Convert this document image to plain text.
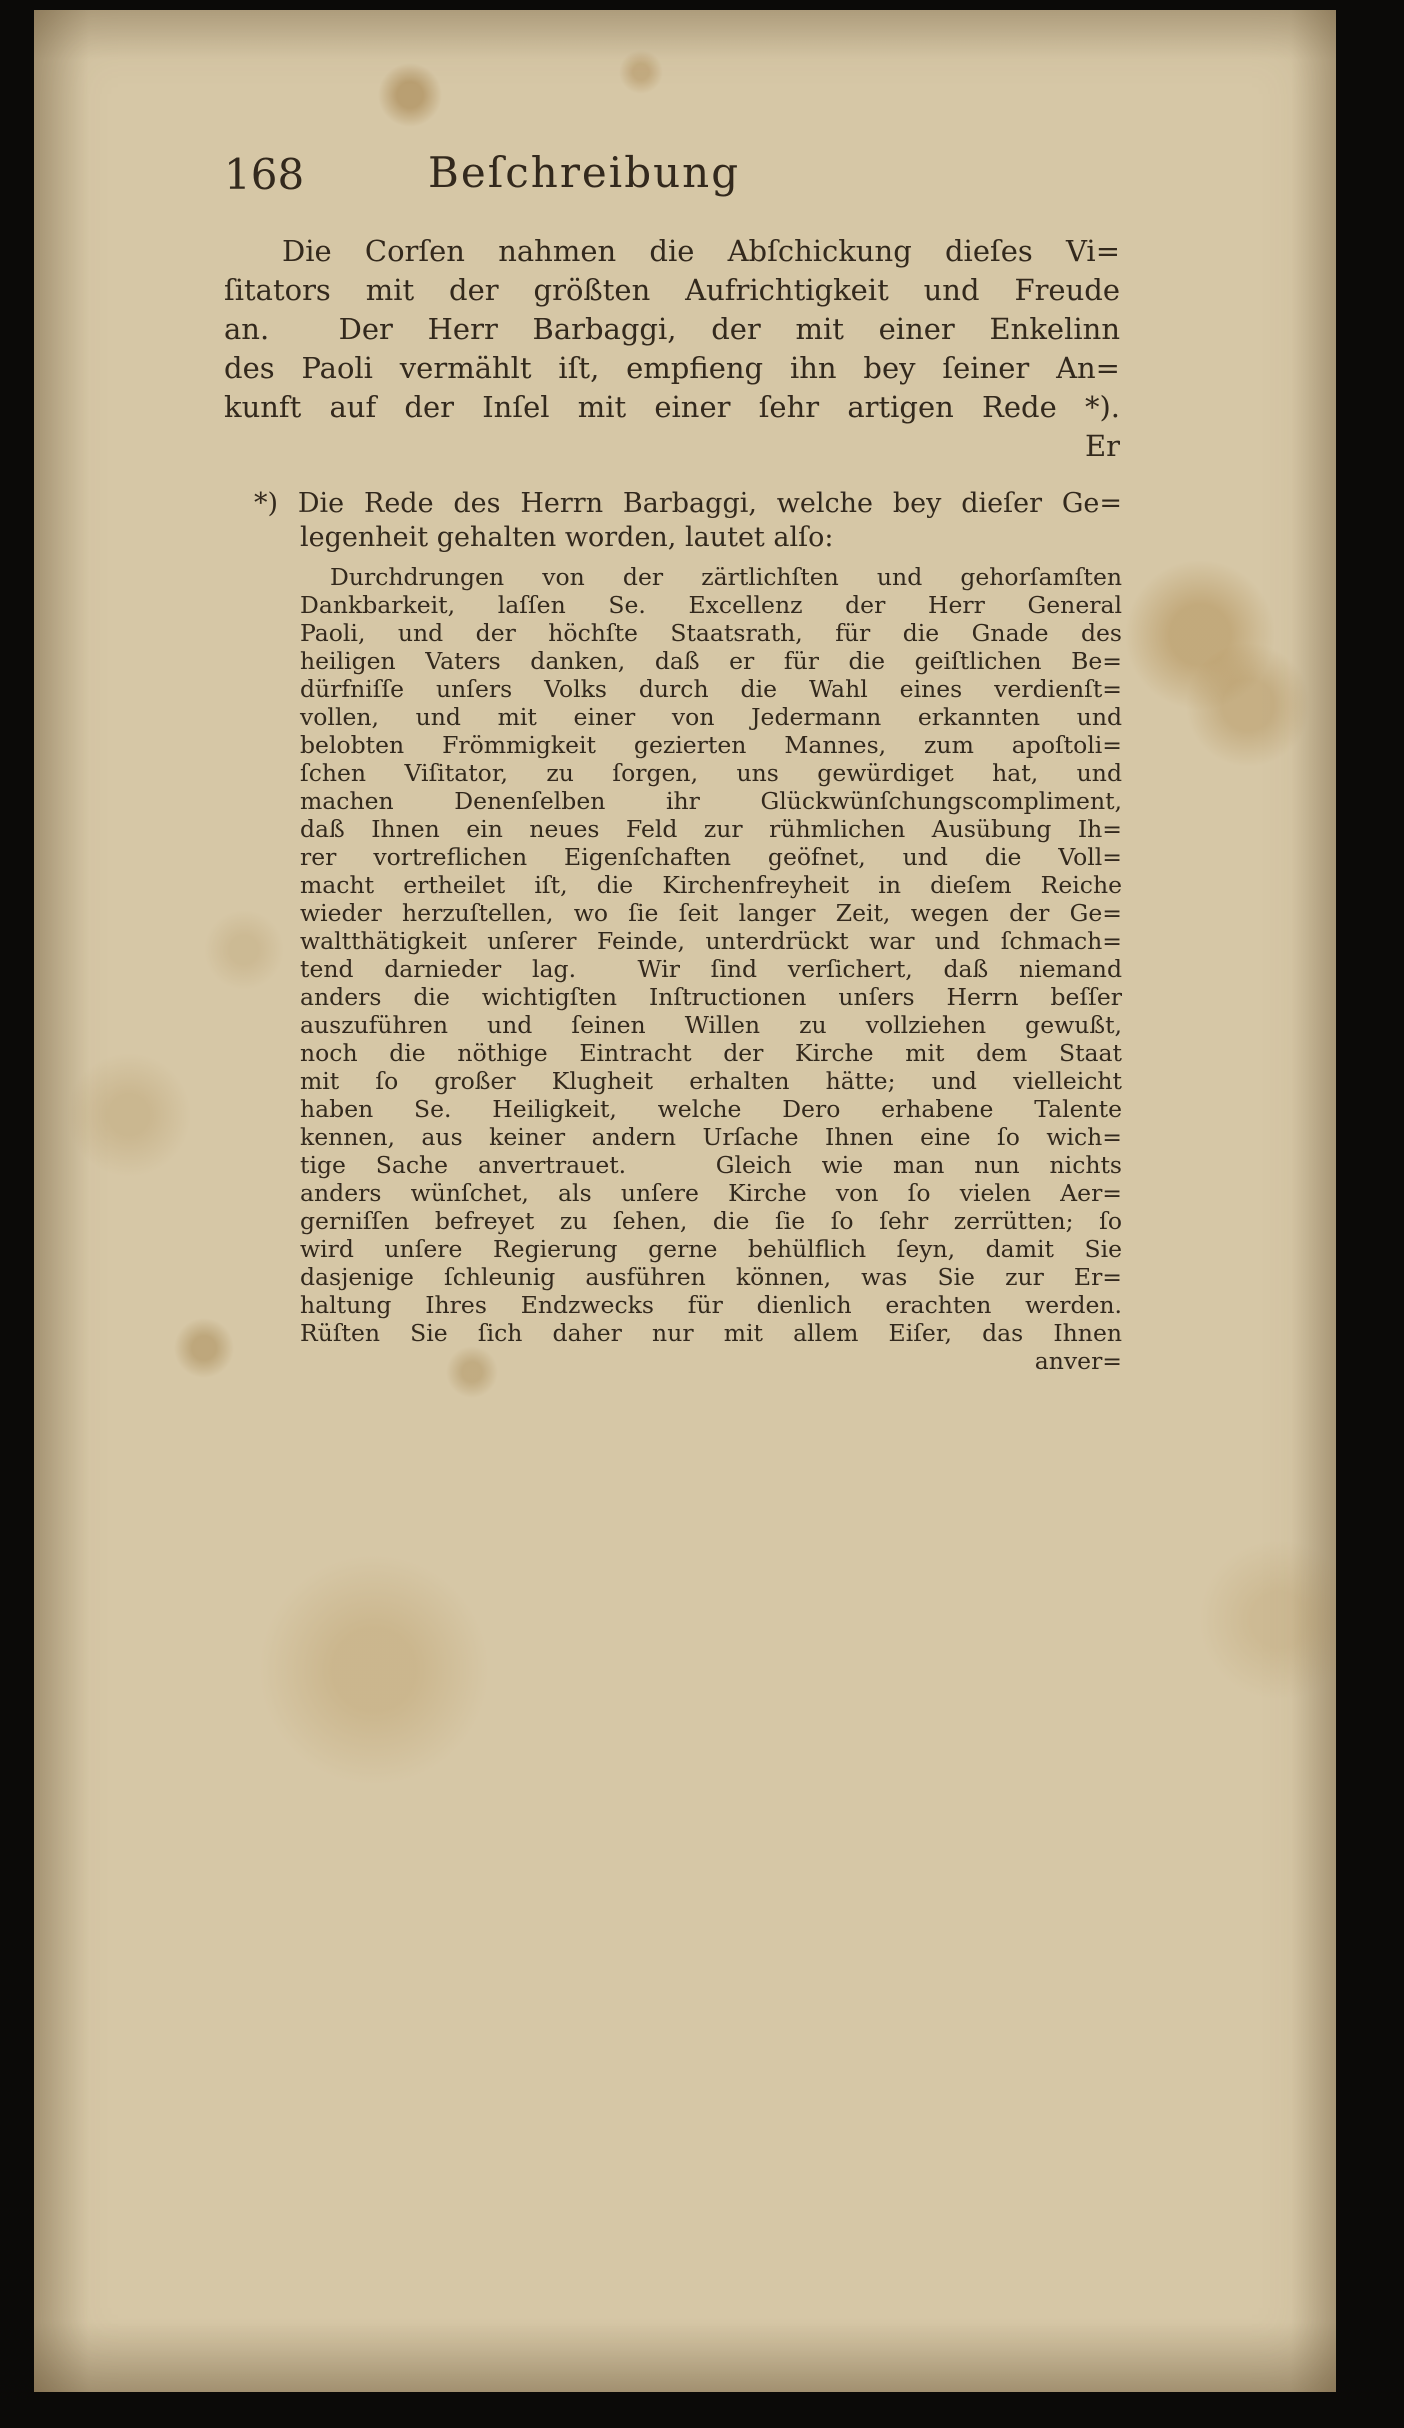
168	Beſchreibung
Die Corſen nahmen die Abſchickung dieſes Vi=
ſitators mit der größten Aufrichtigkeit und Freude
an.  Der Herr Barbaggi, der mit einer Enkelinn
des Paoli vermählt iſt, empfieng ihn bey ſeiner An=
kunft auf der Inſel mit einer ſehr artigen Rede *).
Er
*) Die Rede des Herrn Barbaggi, welche bey dieſer Ge=
legenheit gehalten worden, lautet alſo:
Durchdrungen von der zärtlichſten und gehorſamſten
Dankbarkeit, laſſen Se. Excellenz der Herr General
Paoli, und der höchſte Staatsrath, für die Gnade des
heiligen Vaters danken, daß er für die geiſtlichen Be=
dürfniſſe unſers Volks durch die Wahl eines verdienſt=
vollen, und mit einer von Jedermann erkannten und
belobten Frömmigkeit gezierten Mannes, zum apoſtoli=
ſchen Viſitator, zu ſorgen, uns gewürdiget hat, und
machen Denenſelben ihr Glückwünſchungscompliment,
daß Ihnen ein neues Feld zur rühmlichen Ausübung Ih=
rer vortreflichen Eigenſchaften geöfnet, und die Voll=
macht ertheilet iſt, die Kirchenfreyheit in dieſem Reiche
wieder herzuſtellen, wo ſie ſeit langer Zeit, wegen der Ge=
waltthätigkeit unſerer Feinde, unterdrückt war und ſchmach=
tend darnieder lag.  Wir ſind verſichert, daß niemand
anders die wichtigſten Inſtructionen unſers Herrn beſſer
auszuführen und ſeinen Willen zu vollziehen gewußt,
noch die nöthige Eintracht der Kirche mit dem Staat
mit ſo großer Klugheit erhalten hätte; und vielleicht
haben Se. Heiligkeit, welche Dero erhabene Talente
kennen, aus keiner andern Urſache Ihnen eine ſo wich=
tige Sache anvertrauet.   Gleich wie man nun nichts
anders wünſchet, als unſere Kirche von ſo vielen Aer=
gerniſſen befreyet zu ſehen, die ſie ſo ſehr zerrütten; ſo
wird unſere Regierung gerne behülflich ſeyn, damit Sie
dasjenige ſchleunig ausführen können, was Sie zur Er=
haltung Ihres Endzwecks für dienlich erachten werden.
Rüſten Sie ſich daher nur mit allem Eiſer, das Ihnen
anver=
